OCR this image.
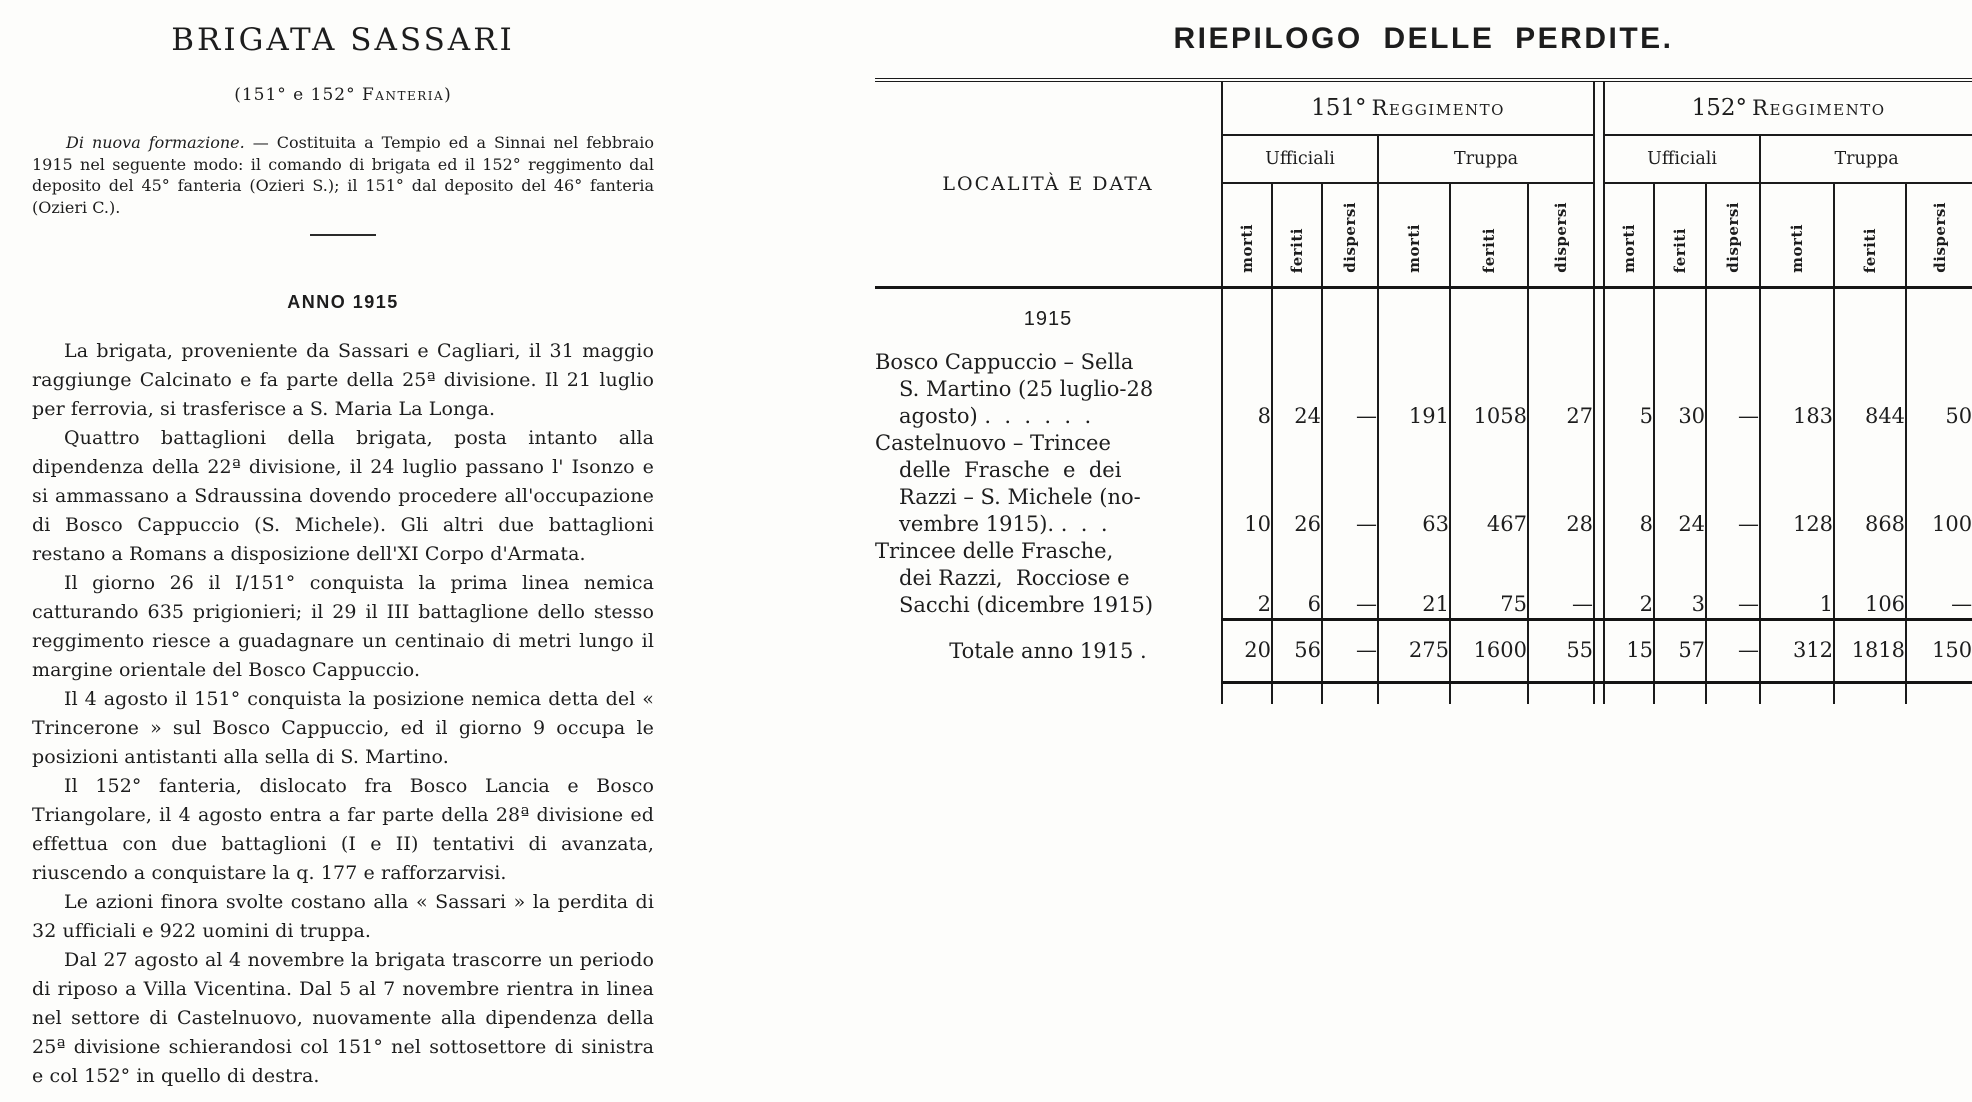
BRIGATA SASSARI

(151° e 152° Fanteria)

Di nuova formazione. — Costituita a Tempio ed a Sinnai nel febbraio 1915 nel seguente modo: il comando di brigata ed il 152° reggimento dal deposito del 45° fanteria (Ozieri S.); il 151° dal deposito del 46° fanteria (Ozieri C.).

ANNO 1915

La brigata, proveniente da Sassari e Cagliari, il 31 maggio raggiunge Calcinato e fa parte della 25ª divisione. Il 21 luglio per ferrovia, si trasferisce a S. Maria La Longa.

Quattro battaglioni della brigata, posta intanto alla dipendenza della 22ª divisione, il 24 luglio passano l' Isonzo e si ammassano a Sdraussina dovendo procedere all'occupazione di Bosco Cappuccio (S. Michele). Gli altri due battaglioni restano a Romans a disposizione dell'XI Corpo d'Armata.

Il giorno 26 il I/151° conquista la prima linea nemica catturando 635 prigionieri; il 29 il III battaglione dello stesso reggimento riesce a guadagnare un centinaio di metri lungo il margine orientale del Bosco Cappuccio.

Il 4 agosto il 151° conquista la posizione nemica detta del « Trincerone » sul Bosco Cappuccio, ed il giorno 9 occupa le posizioni antistanti alla sella di S. Martino.

Il 152° fanteria, dislocato fra Bosco Lancia e Bosco Triangolare, il 4 agosto entra a far parte della 28ª divisione ed effettua con due battaglioni (I e II) tentativi di avanzata, riuscendo a conquistare la q. 177 e rafforzarvisi.

Le azioni finora svolte costano alla « Sassari » la perdita di 32 ufficiali e 922 uomini di truppa.

Dal 27 agosto al 4 novembre la brigata trascorre un periodo di riposo a Villa Vicentina. Dal 5 al 7 novembre rientra in linea nel settore di Castelnuovo, nuovamente alla dipendenza della 25ª divisione schierandosi col 151° nel sottosettore di sinistra e col 152° in quello di destra.

RIEPILOGO DELLE PERDITE.
LOCALITÀ E DATA	151° Reggimento							152° Reggimento					
	Ufficiali			Truppa				Ufficiali			Truppa		
	morti	feriti	dispersi	morti	feriti	dispersi		morti	feriti	dispersi	morti	feriti	dispersi
1915													

Bosco Cappuccio – Sella
S. Martino (25 luglio-28
agosto) .  .  .  .  .  .	8	24	—	191	1058	27		5	30	—	183	844	50

Castelnuovo – Trincee
delle  Frasche  e  dei
Razzi – S. Michele (no-
vembre 1915). .  .  .	10	26	—	63	467	28		8	24	—	128	868	100

Trincee delle Frasche,
dei Razzi,  Rocciose e
Sacchi (dicembre 1915)	2	6	—	21	75	—		2	3	—	1	106	—
Totale anno 1915 .	20	56	—	275	1600	55		15	57	—	312	1818	150
